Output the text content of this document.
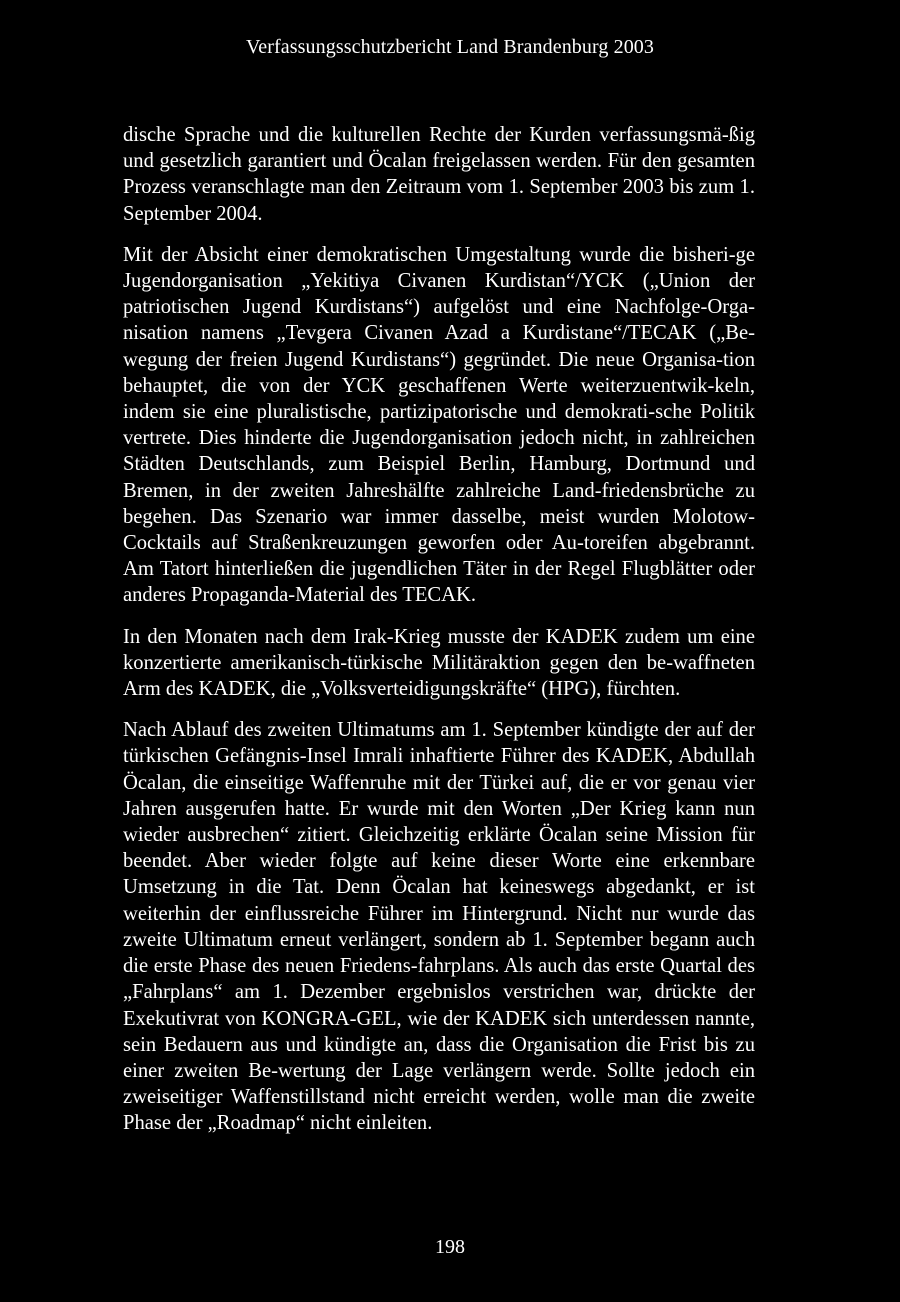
Verfassungsschutzbericht Land Brandenburg 2003

dische Sprache und die kulturellen Rechte der Kurden verfassungsmä-ßig und gesetzlich garantiert und Öcalan freigelassen werden. Für den gesamten Prozess veranschlagte man den Zeitraum vom 1. September 2003 bis zum 1. September 2004.

Mit der Absicht einer demokratischen Umgestaltung wurde die bisheri-ge Jugendorganisation „Yekitiya Civanen Kurdistan“/YCK („Union der patriotischen Jugend Kurdistans“) aufgelöst und eine Nachfolge-Orga-nisation namens „Tevgera Civanen Azad a Kurdistane“/TECAK („Be-wegung der freien Jugend Kurdistans“) gegründet. Die neue Organisa-tion behauptet, die von der YCK geschaffenen Werte weiterzuentwik-keln, indem sie eine pluralistische, partizipatorische und demokrati-sche Politik vertrete. Dies hinderte die Jugendorganisation jedoch nicht, in zahlreichen Städten Deutschlands, zum Beispiel Berlin, Hamburg, Dortmund und Bremen, in der zweiten Jahreshälfte zahlreiche Land-friedensbrüche zu begehen. Das Szenario war immer dasselbe, meist wurden Molotow-Cocktails auf Straßenkreuzungen geworfen oder Au-toreifen abgebrannt. Am Tatort hinterließen die jugendlichen Täter in der Regel Flugblätter oder anderes Propaganda-Material des TECAK.

In den Monaten nach dem Irak-Krieg musste der KADEK zudem um eine konzertierte amerikanisch-türkische Militäraktion gegen den be-waffneten Arm des KADEK, die „Volksverteidigungskräfte“ (HPG), fürchten.

Nach Ablauf des zweiten Ultimatums am 1. September kündigte der auf der türkischen Gefängnis-Insel Imrali inhaftierte Führer des KADEK, Abdullah Öcalan, die einseitige Waffenruhe mit der Türkei auf, die er vor genau vier Jahren ausgerufen hatte. Er wurde mit den Worten „Der Krieg kann nun wieder ausbrechen“ zitiert. Gleichzeitig erklärte Öcalan seine Mission für beendet. Aber wieder folgte auf keine dieser Worte eine erkennbare Umsetzung in die Tat. Denn Öcalan hat keineswegs abgedankt, er ist weiterhin der einflussreiche Führer im Hintergrund. Nicht nur wurde das zweite Ultimatum erneut verlängert, sondern ab 1. September begann auch die erste Phase des neuen Friedens-fahrplans. Als auch das erste Quartal des „Fahrplans“ am 1. Dezember ergebnislos verstrichen war, drückte der Exekutivrat von KONGRA-GEL, wie der KADEK sich unterdessen nannte, sein Bedauern aus und kündigte an, dass die Organisation die Frist bis zu einer zweiten Be-wertung der Lage verlängern werde. Sollte jedoch ein zweiseitiger Waffenstillstand nicht erreicht werden, wolle man die zweite Phase der „Roadmap“ nicht einleiten.

198
